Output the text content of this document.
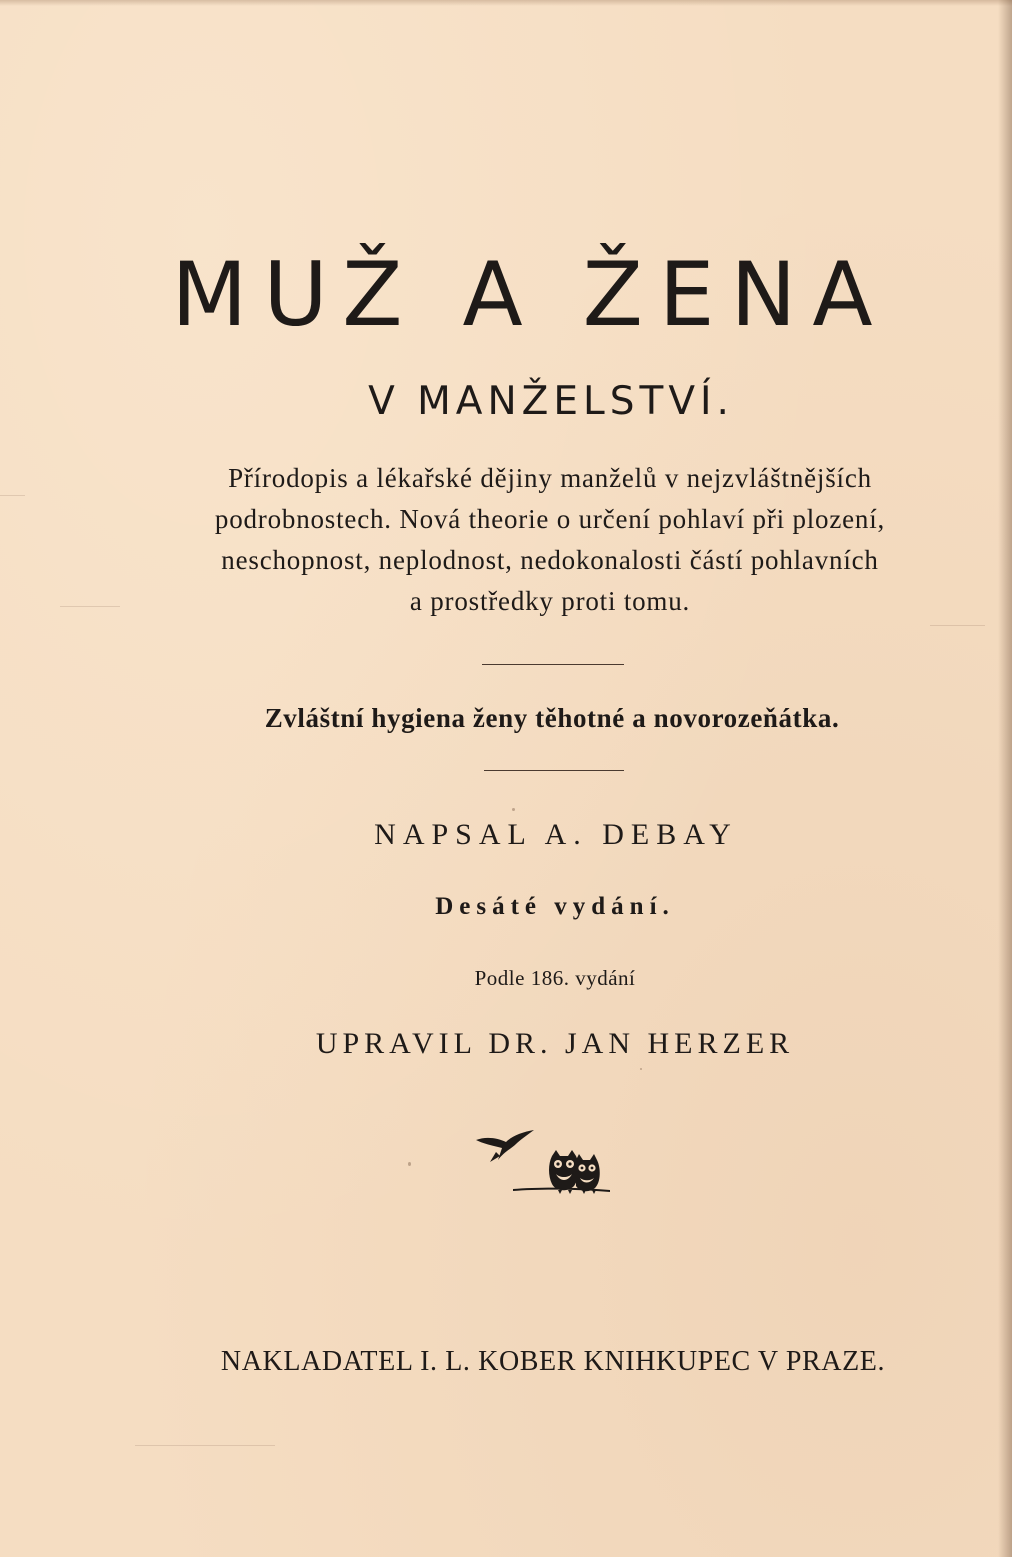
MUŽ A ŽENA
V MANŽELSTVÍ.
Přírodopis a lékařské dějiny manželů v nejzvláštnějších
podrobnostech. Nová theorie o určení pohlaví při plození,
neschopnost, neplodnost, nedokonalosti částí pohlavních
a prostředky proti tomu.
Zvláštní hygiena ženy těhotné a novorozeňátka.
NAPSAL A. DEBAY
Desáté vydání.
Podle 186. vydání
UPRAVIL DR. JAN HERZER
NAKLADATEL I. L. KOBER KNIHKUPEC V PRAZE.
